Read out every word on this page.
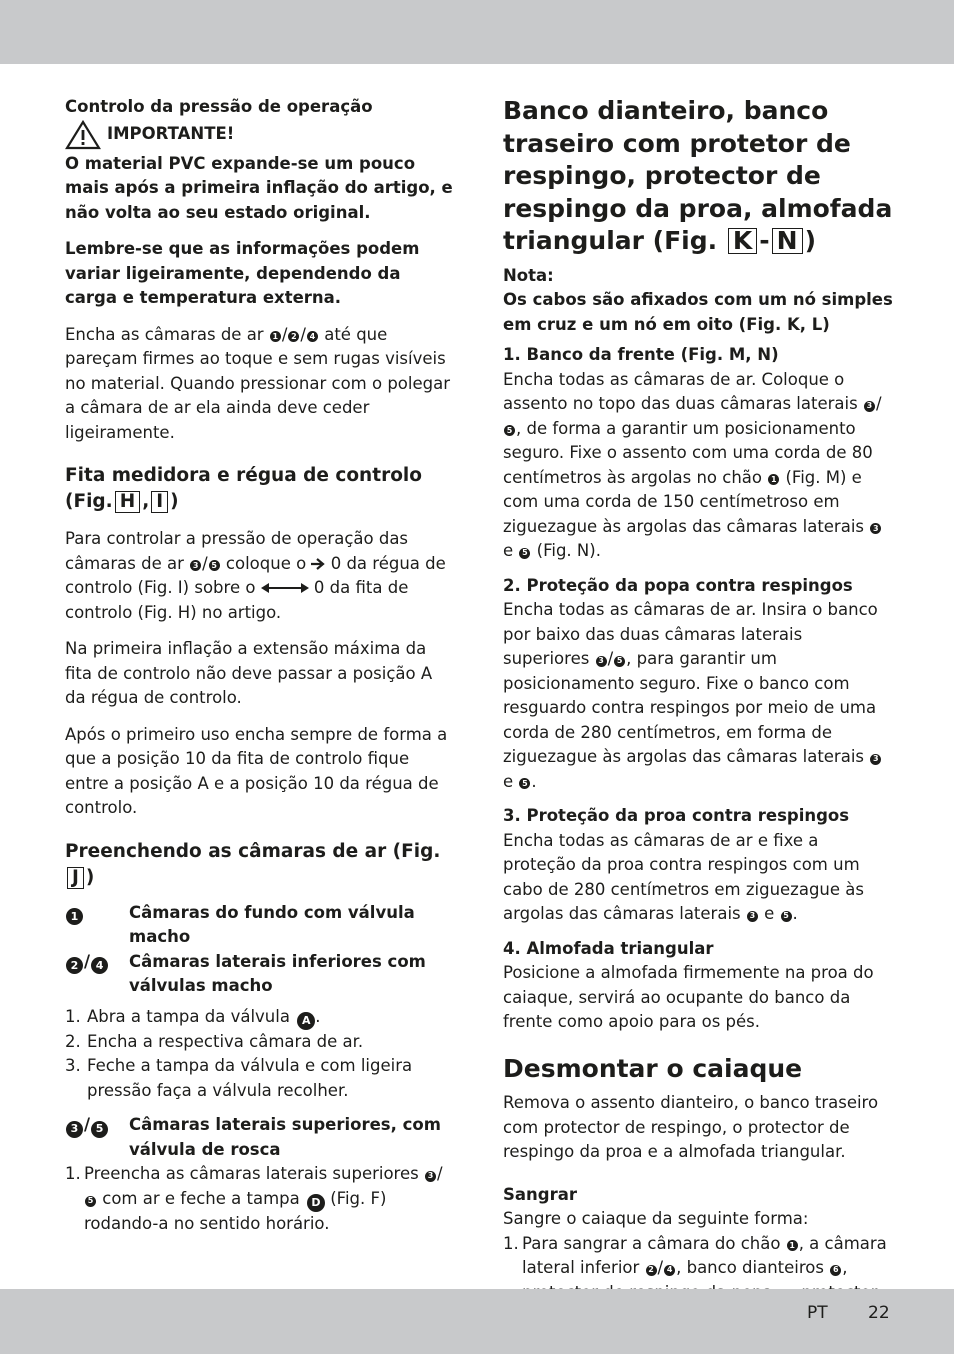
Controlo da pressão de operação

IMPORTANTE!

O material PVC expande-se um pouco mais após a primeira inflação do artigo, e não volta ao seu estado original.

Lembre-se que as informações podem variar ligeiramente, dependendo da carga e temperatura externa.

Encha as câmaras de ar 1 / 2 / 4 até que pareçam firmes ao toque e sem rugas visíveis no material. Quando pressionar com o polegar a câmara de ar ela ainda deve ceder ligeiramente.

Fita medidora e régua de controlo (Fig. H , I )

Para controlar a pressão de operação das câmaras de ar 3 / 5 coloque o  0 da régua de controlo (Fig. I) sobre o	0 da fita de controlo (Fig. H) no artigo.

Na primeira inflação a extensão máxima da fita de controlo não deve passar a posição A da régua de controlo.

Após o primeiro uso encha sempre de forma a que a posição 10 da fita de controlo fique entre a posição A e a posição 10 da régua de controlo.

Preenchendo as câmaras de ar (Fig.J )

1	Câmaras do fundo com válvula macho
2 / 4	Câmaras laterais inferiores com válvulas macho
1. Abra a tampa da válvula A .
2. Encha a respectiva câmara de ar.
3. Feche a tampa da válvula e com ligeira pressão faça a válvula recolher.
3 / 5	Câmaras laterais superiores, com válvula de rosca
1. Preencha as câmaras laterais superiores 3 /5 com ar e feche a tampa D (Fig. F) rodando-a no sentido horário.

Banco dianteiro, banco traseiro com protetor de respingo, protector de respingo da proa, almofada triangular (Fig. K - N )

Nota:

Os cabos são afixados com um nó simples em cruz e um nó em oito (Fig. K, L)

1. Banco da frente (Fig. M, N)

Encha todas as câmaras de ar. Coloque o assento no topo das duas câmaras laterais 3 /5 , de forma a garantir um posicionamento seguro. Fixe o assento com uma corda de 80 centímetros às argolas no chão 1 (Fig. M) e com uma corda de 150 centímetroso em ziguezague às argolas das câmaras laterais 3 e 5 (Fig. N).

2. Proteção da popa contra respingos

Encha todas as câmaras de ar. Insira o banco por baixo das duas câmaras laterais superiores 3 / 5 , para garantir um posicionamento seguro. Fixe o banco com resguardo contra respingos por meio de uma corda de 280 centímetros, em forma de ziguezague às argolas das câmaras laterais 3 e 5 .

3. Proteção da proa contra respingos

Encha todas as câmaras de ar e fixe a proteção da proa contra respingos com um cabo de 280 centímetros em ziguezague às argolas das câmaras laterais 3 e 5 .

4. Almofada triangular

Posicione a almofada firmemente na proa do caiaque, servirá ao ocupante do banco da frente como apoio para os pés.

Desmontar o caiaque

Remova o assento dianteiro, o banco traseiro com protector de respingo, o protector de respingo da proa e a almofada triangular.

Sangrar

Sangre o caiaque da seguinte forma:

1. Para sangrar a câmara do chão 1 , a câmara lateral inferior 2 / 4 , banco dianteiros 6 ,
PT 22
